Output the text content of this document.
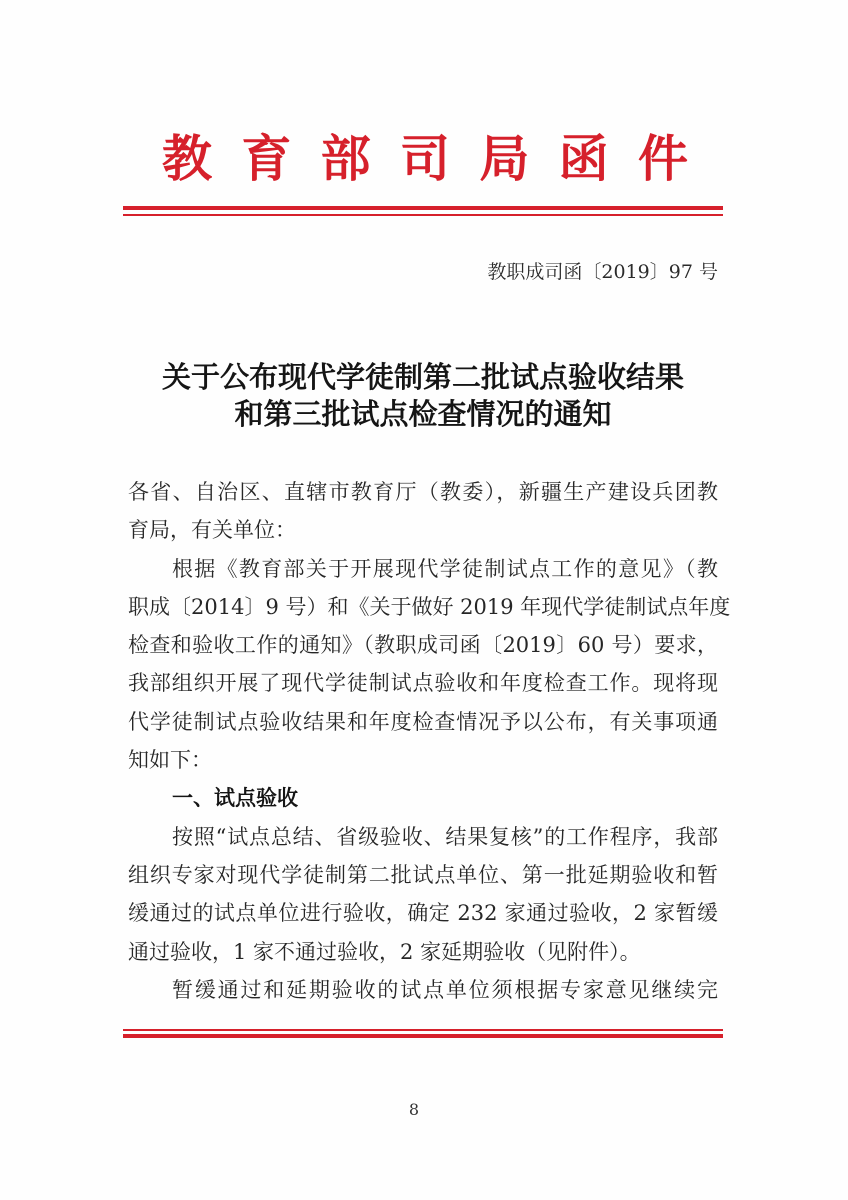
教育部司局函件
教职成司函〔2019〕97 号
关于公布现代学徒制第二批试点验收结果
和第三批试点检查情况的通知
各省、自治区、直辖市教育厅（教委），新疆生产建设兵团教
育局，有关单位：
根据《教育部关于开展现代学徒制试点工作的意见》（教
职成〔2014〕9 号）和《关于做好 2019 年现代学徒制试点年度
检查和验收工作的通知》（教职成司函〔2019〕60 号）要求，
我部组织开展了现代学徒制试点验收和年度检查工作。现将现
代学徒制试点验收结果和年度检查情况予以公布，有关事项通
知如下：
一、试点验收
按照“试点总结、省级验收、结果复核”的工作程序，我部
组织专家对现代学徒制第二批试点单位、第一批延期验收和暂
缓通过的试点单位进行验收，确定 232 家通过验收，2 家暂缓
通过验收，1 家不通过验收，2 家延期验收（见附件）。
暂缓通过和延期验收的试点单位须根据专家意见继续完
8
